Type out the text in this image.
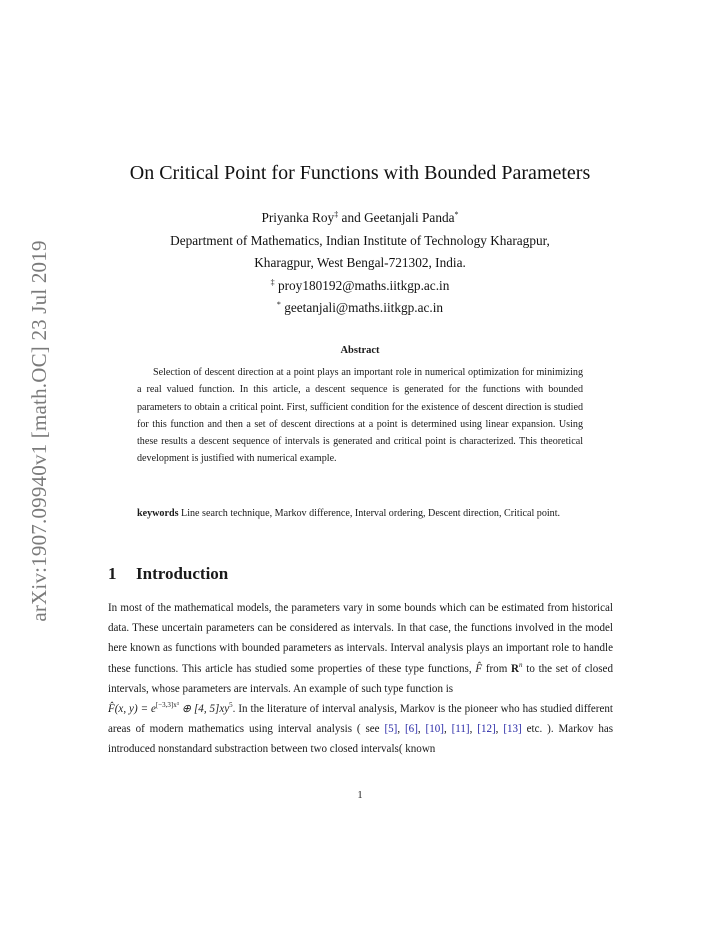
arXiv:1907.09940v1 [math.OC] 23 Jul 2019
On Critical Point for Functions with Bounded Parameters
Priyanka Roy‡ and Geetanjali Panda*
Department of Mathematics, Indian Institute of Technology Kharagpur,
Kharagpur, West Bengal-721302, India.
‡ proy180192@maths.iitkgp.ac.in
* geetanjali@maths.iitkgp.ac.in
Abstract

Selection of descent direction at a point plays an important role in numerical optimization for minimizing a real valued function. In this article, a descent sequence is generated for the functions with bounded parameters to obtain a critical point. First, sufficient condition for the existence of descent direction is studied for this function and then a set of descent directions at a point is determined using linear expansion. Using these results a descent sequence of intervals is generated and critical point is characterized. This theoretical development is justified with numerical example.

keywords Line search technique, Markov difference, Interval ordering, Descent direction, Critical point.

1 Introduction

In most of the mathematical models, the parameters vary in some bounds which can be estimated from historical data. These uncertain parameters can be considered as intervals. In that case, the functions involved in the model here known as functions with bounded parameters as intervals. Interval analysis plays an important role to handle these functions. This article has studied some properties of these type functions, F̂ from $R^n$ to the set of closed intervals, whose parameters are intervals. An example of such type function is
F̂(x, $y) = e^{[-3,3]x^3}$ ⊕ [4, $5]xy^5$. In the literature of interval analysis, Markov is the pioneer who has studied different areas of modern mathematics using interval analysis ( see [5], [6], [10], [11], [12], [13] etc. ). Markov has introduced nonstandard substraction between two closed intervals( known

1
